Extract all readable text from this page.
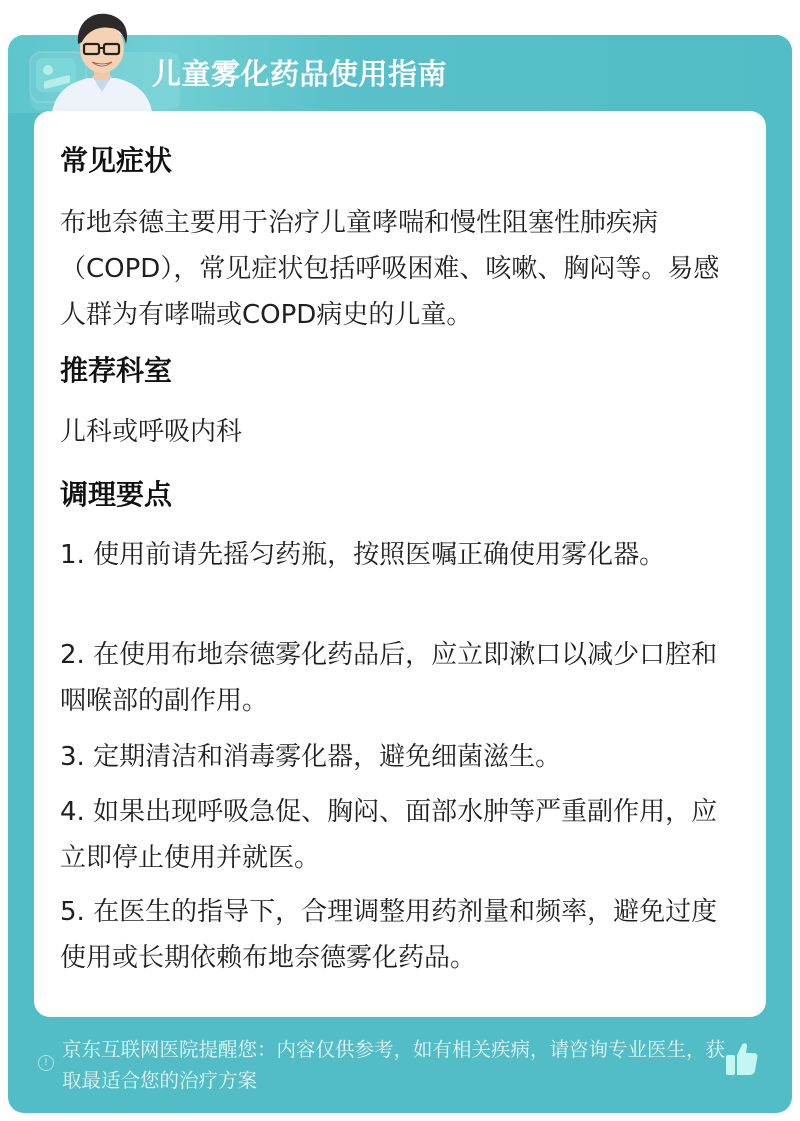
儿童雾化药品使用指南
常见症状
布地奈德主要用于治疗儿童哮喘和慢性阻塞性肺疾病（COPD），常见症状包括呼吸困难、咳嗽、胸闷等。易感人群为有哮喘或COPD病史的儿童。
推荐科室
儿科或呼吸内科
调理要点
1. 使用前请先摇匀药瓶，按照医嘱正确使用雾化器。
2. 在使用布地奈德雾化药品后，应立即漱口以减少口腔和咽喉部的副作用。
3. 定期清洁和消毒雾化器，避免细菌滋生。
4. 如果出现呼吸急促、胸闷、面部水肿等严重副作用，应立即停止使用并就医。
5. 在医生的指导下，合理调整用药剂量和频率，避免过度使用或长期依赖布地奈德雾化药品。
!
京东互联网医院提醒您：内容仅供参考，如有相关疾病，请咨询专业医生，获取最适合您的治疗方案
